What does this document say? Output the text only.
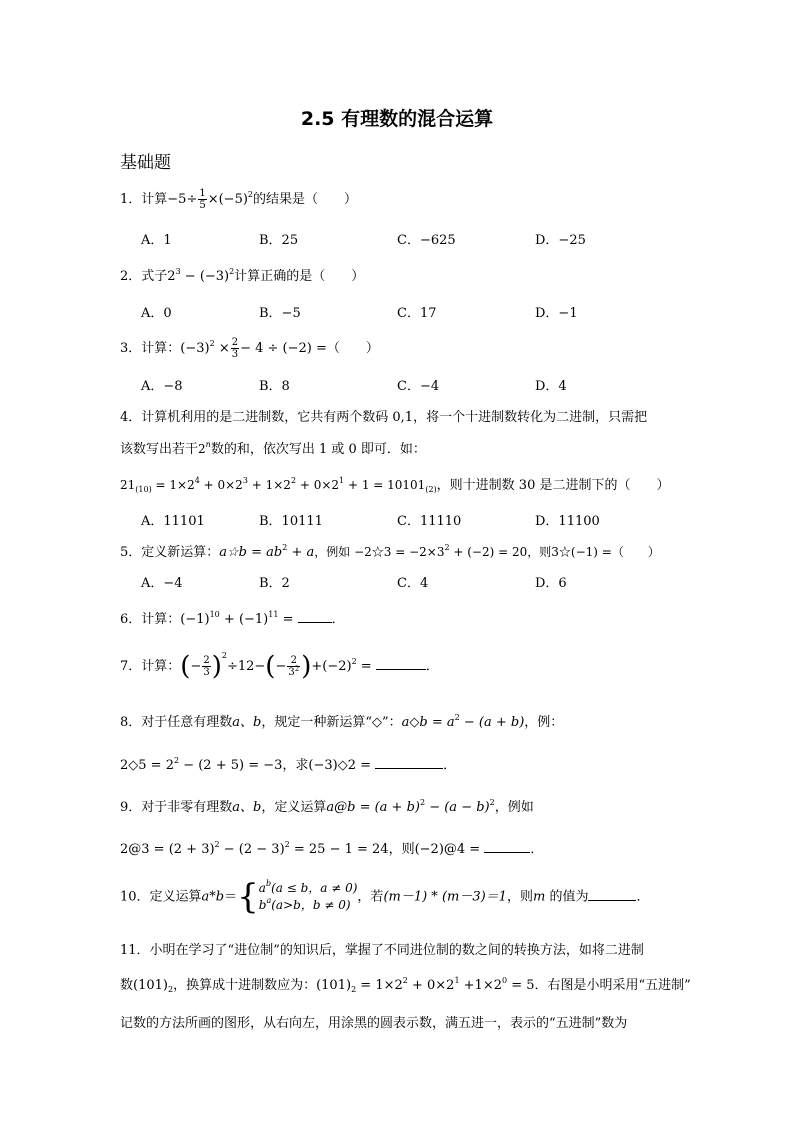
2.5 有理数的混合运算
基础题
1．计算$-5\div \frac{1}{5} \times(-5)^2$的结果是（　　）
A．1	B．25	C．−625	D．−25
2．式子$2^3 - (-3)^2$计算正确的是（　　）
A．0	B．−5	C．17	D．−1
3．计算：$(-3)^2 \times \frac{2}{3} - 4 \div (-2)$ =（　　）
A．−8	B．8	C．−4	D．4
4．计算机利用的是二进制数，它共有两个数码 0,1，将一个十进制数转化为二进制，只需把
该数写出若干2$^n$数的和，依次写出 1 或 0 即可．如：
$21_{(10)} = 1\times 2^4 + 0\times 2^3 + 1\times 2^2 + 0\times 2^1 + 1 = 10101_{(2)}$，则十进制数 30 是二进制下的（　　）
A．11101	B．10111	C．11110	D．11100
5．定义新运算：a☆b = $ab^2 + a$，例如 −2☆3 = $-2\times 3^2 + (-2) = 20$，则3☆(−1) =（　　）
A．−4	B．2	C．4	D．6
6．计算：$(-1)^{10} + (-1)^{11}$ =	．
7．计算：(− $\frac{2}{3} )^2\div 12-(- \frac{2}{3^2} )+(-2)^2$ =	．
8．对于任意有理数a、b，规定一种新运算“◇”：a◇b = $a^2 - (a + b)$，例：
2◇5 = $2^2 - (2 + 5) = -3$，求(−3)◇2 =	．
9．对于非零有理数a、b，定义运算a@b = $(a + b)^2 - (a - b)^2$，例如
2@3 = $(2 + 3)^2 - (2 - 3)^2 = 25 - 1 = 24$，则(−2)@4 =	．
10．定义运算a*b＝{ $a^b(a \le b$，a ≠ 0)
$b^a(a>b$，b ≠ 0)
，若(m－1) * (m－3)＝1，则m 的值为	．
11．小明在学习了“进位制”的知识后，掌握了不同进位制的数之间的转换方法，如将二进制
数$(101)_2$，换算成十进制数应为：$(101)_2 = 1\times 2^2 + 0\times 2^1 +1\times 2^0 = 5$．右图是小明采用“五进制”
记数的方法所画的图形，从右向左，用涂黑的圆表示数，满五进一，表示的“五进制”数为
